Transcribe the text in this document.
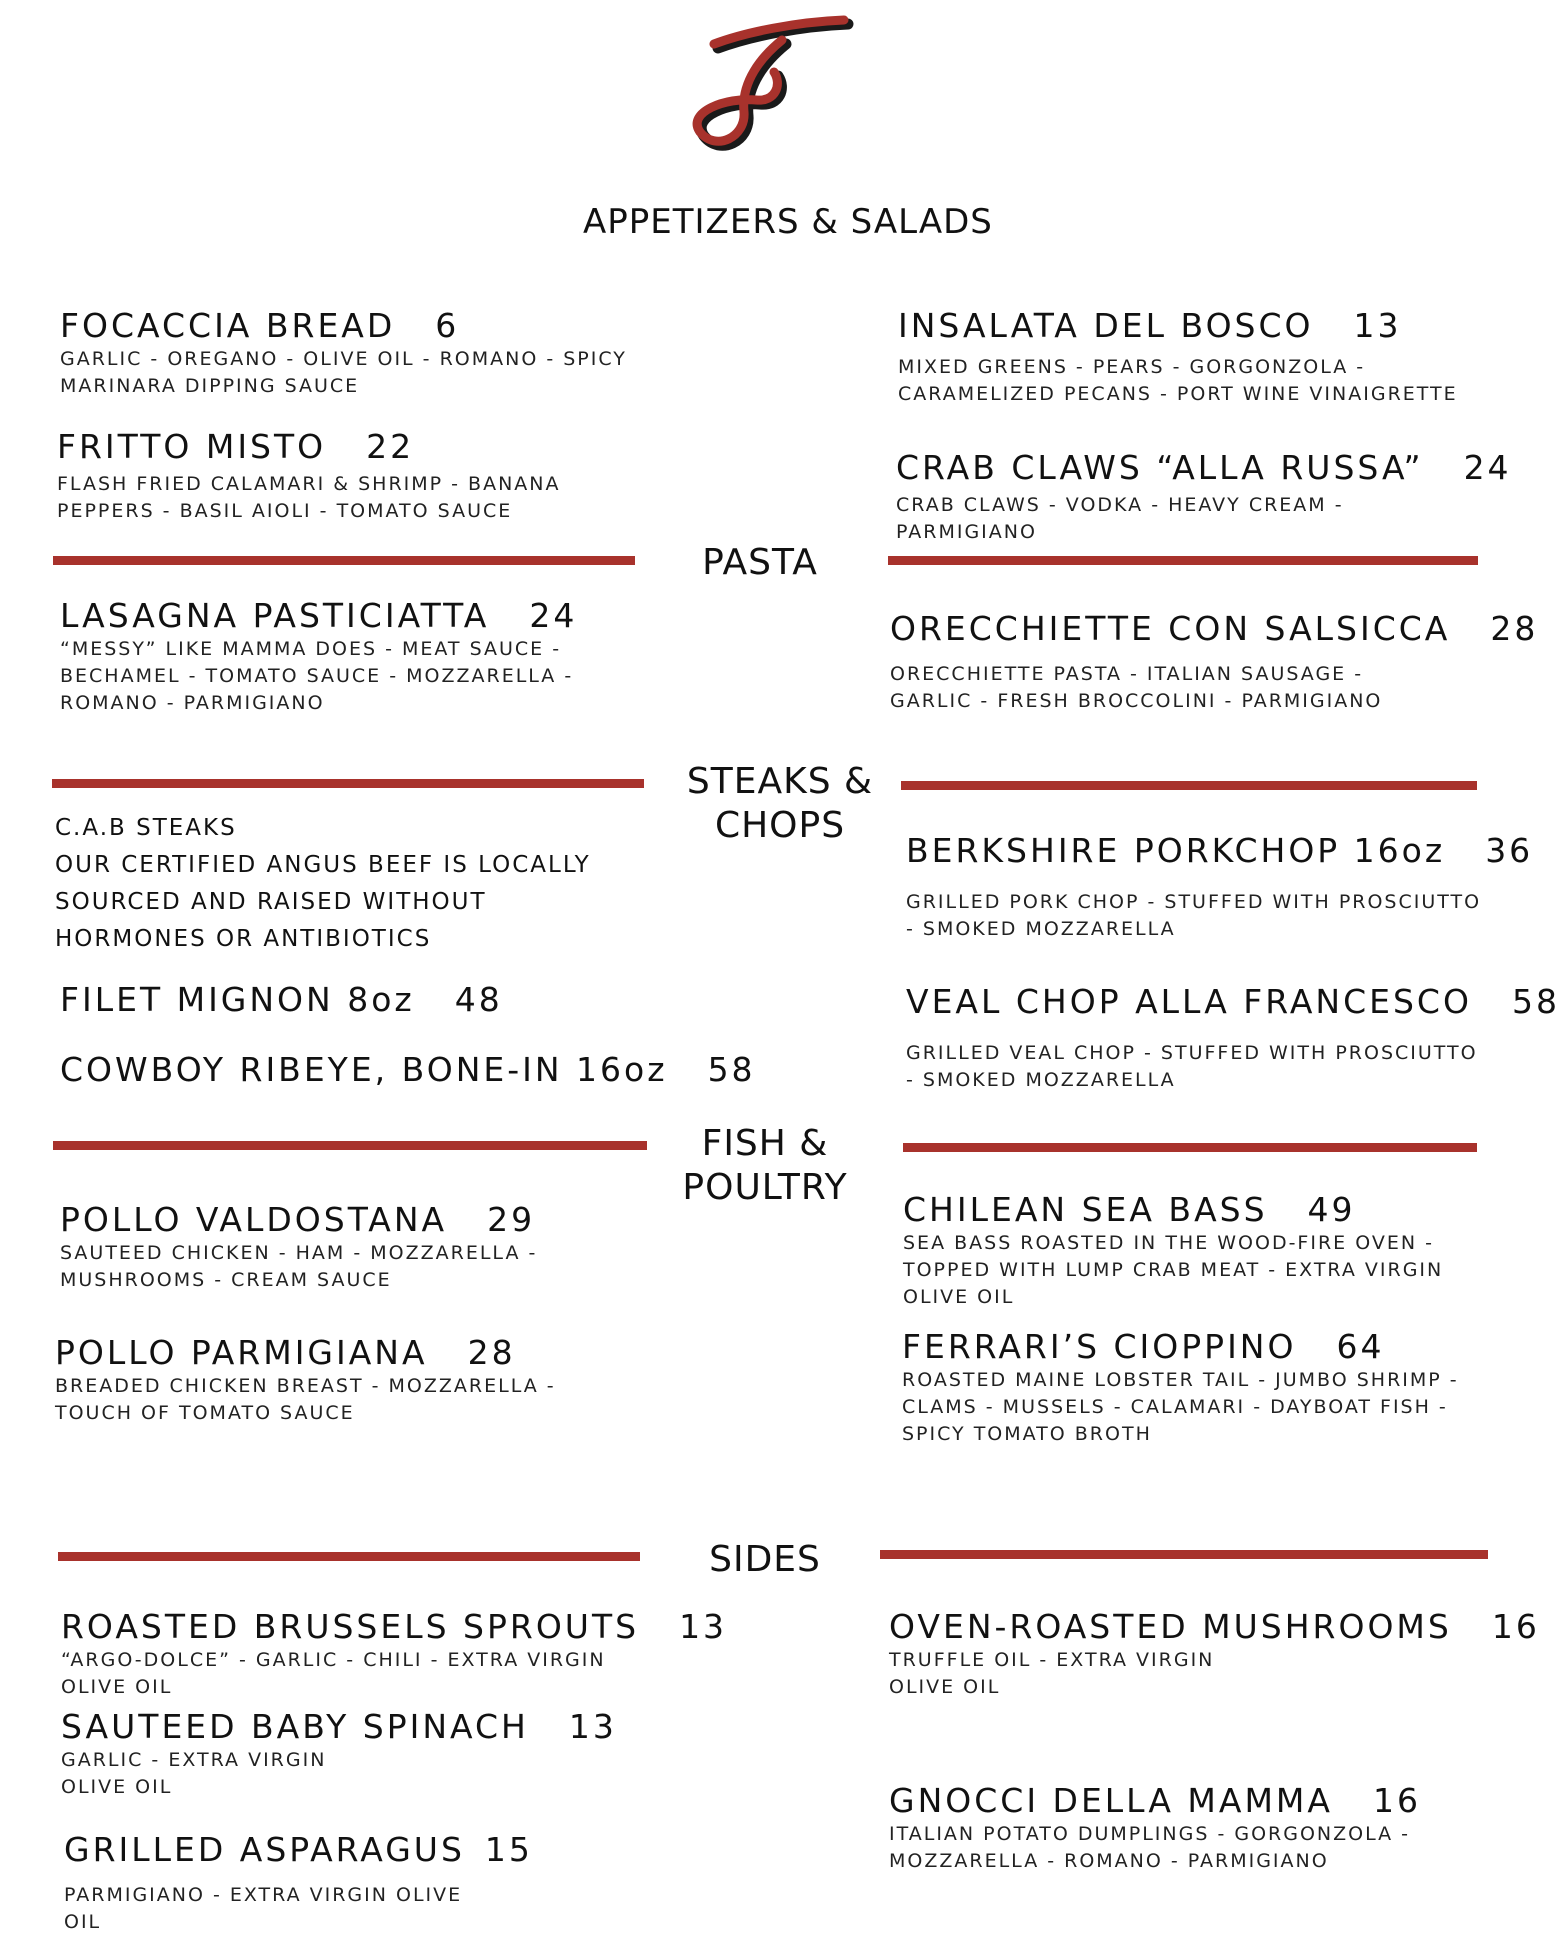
APPETIZERS & SALADS
FOCACCIA BREAD 6
GARLIC - OREGANO - OLIVE OIL - ROMANO - SPICY MARINARA DIPPING SAUCE
FRITTO MISTO 22
FLASH FRIED CALAMARI & SHRIMP - BANANA PEPPERS - BASIL AIOLI - TOMATO SAUCE
INSALATA DEL BOSCO 13
MIXED GREENS - PEARS - GORGONZOLA - CARAMELIZED PECANS - PORT WINE VINAIGRETTE
CRAB CLAWS “ALLA RUSSA” 24
CRAB CLAWS - VODKA - HEAVY CREAM - PARMIGIANO
PASTA
LASAGNA PASTICIATTA 24
“MESSY” LIKE MAMMA DOES - MEAT SAUCE - BECHAMEL - TOMATO SAUCE - MOZZARELLA - ROMANO - PARMIGIANO
ORECCHIETTE CON SALSICCA 28
ORECCHIETTE PASTA - ITALIAN SAUSAGE - GARLIC - FRESH BROCCOLINI - PARMIGIANO
STEAKS &
CHOPS
C.A.B STEAKS
OUR CERTIFIED ANGUS BEEF IS LOCALLY SOURCED AND RAISED WITHOUT HORMONES OR ANTIBIOTICS
FILET MIGNON 8oz 48
COWBOY RIBEYE, BONE-IN 16oz 58
BERKSHIRE PORKCHOP 16oz 36
GRILLED PORK CHOP - STUFFED WITH PROSCIUTTO - SMOKED MOZZARELLA
VEAL CHOP ALLA FRANCESCO 58
GRILLED VEAL CHOP - STUFFED WITH PROSCIUTTO - SMOKED MOZZARELLA
FISH &
POULTRY
POLLO VALDOSTANA 29
SAUTEED CHICKEN - HAM - MOZZARELLA - MUSHROOMS - CREAM SAUCE
POLLO PARMIGIANA 28
BREADED CHICKEN BREAST - MOZZARELLA - TOUCH OF TOMATO SAUCE
CHILEAN SEA BASS 49
SEA BASS ROASTED IN THE WOOD-FIRE OVEN - TOPPED WITH LUMP CRAB MEAT - EXTRA VIRGIN OLIVE OIL
FERRARI’S CIOPPINO 64
ROASTED MAINE LOBSTER TAIL - JUMBO SHRIMP - CLAMS - MUSSELS - CALAMARI - DAYBOAT FISH - SPICY TOMATO BROTH
SIDES
ROASTED BRUSSELS SPROUTS 13
“ARGO-DOLCE” - GARLIC - CHILI - EXTRA VIRGIN OLIVE OIL
SAUTEED BABY SPINACH 13
GARLIC - EXTRA VIRGIN OLIVE OIL
GRILLED ASPARAGUS 15
PARMIGIANO - EXTRA VIRGIN OLIVE OIL
OVEN-ROASTED MUSHROOMS 16
TRUFFLE OIL - EXTRA VIRGIN OLIVE OIL
GNOCCI DELLA MAMMA 16
ITALIAN POTATO DUMPLINGS - GORGONZOLA - MOZZARELLA - ROMANO - PARMIGIANO
